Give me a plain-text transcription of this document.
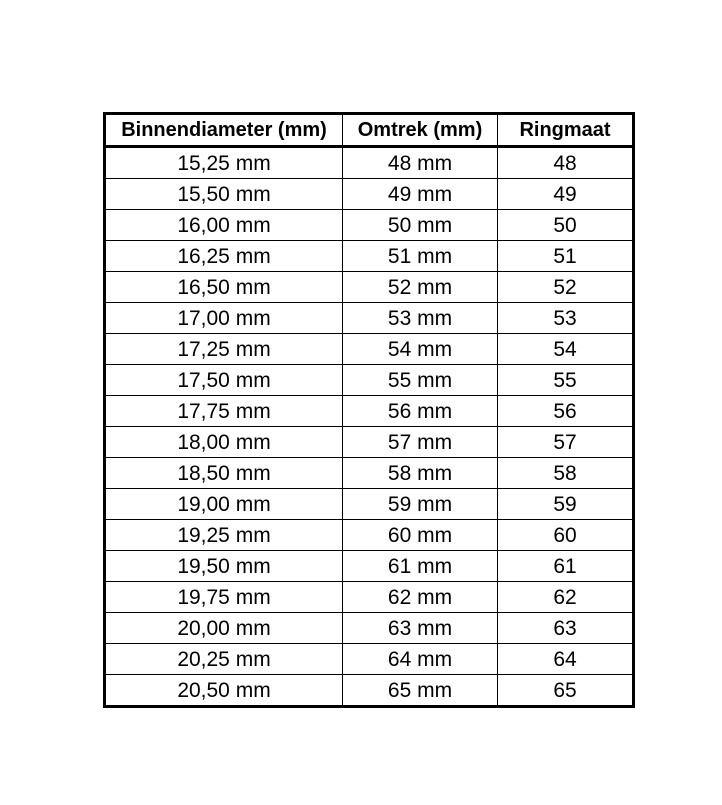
Binnendiameter (mm)	Omtrek (mm)	Ringmaat
15,25 mm	48 mm	48
15,50 mm	49 mm	49
16,00 mm	50 mm	50
16,25 mm	51 mm	51
16,50 mm	52 mm	52
17,00 mm	53 mm	53
17,25 mm	54 mm	54
17,50 mm	55 mm	55
17,75 mm	56 mm	56
18,00 mm	57 mm	57
18,50 mm	58 mm	58
19,00 mm	59 mm	59
19,25 mm	60 mm	60
19,50 mm	61 mm	61
19,75 mm	62 mm	62
20,00 mm	63 mm	63
20,25 mm	64 mm	64
20,50 mm	65 mm	65
